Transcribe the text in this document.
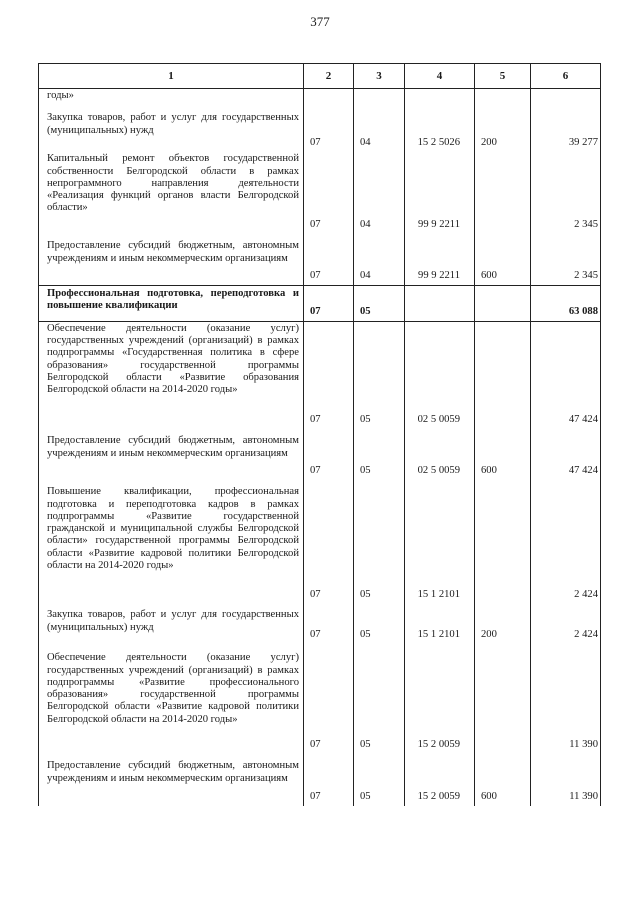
377
1	2	3	4	5	6
годы»					
Закупка товаров, работ и услуг для государственных (муниципальных) нужд	07	04	15 2 5026	200	39 277
Капитальный ремонт объектов государственной собственности Белгородской области в рамках непрограммного направления деятельности «Реализация функций органов власти Белгородской области»	07	04	99 9 2211		2 345
Предоставление субсидий бюджетным, автономным учреждениям и иным некоммерческим организациям	07	04	99 9 2211	600	2 345
Профессиональная подготовка, переподготовка и повышение квалификации	07	05			63 088
Обеспечение деятельности (оказание услуг) государственных учреждений (организаций) в рамках подпрограммы «Государственная политика в сфере образования» государственной программы Белгородской области «Развитие образования Белгородской области на 2014-2020 годы»	07	05	02 5 0059		47 424
Предоставление субсидий бюджетным, автономным учреждениям и иным некоммерческим организациям	07	05	02 5 0059	600	47 424
Повышение квалификации, профессиональная подготовка и переподготовка кадров в рамках подпрограммы «Развитие государственной гражданской и муниципальной службы Белгородской области» государственной программы Белгородской области «Развитие кадровой политики Белгородской области на 2014-2020 годы»	07	05	15 1 2101		2 424
Закупка товаров, работ и услуг для государственных (муниципальных) нужд	07	05	15 1 2101	200	2 424
Обеспечение деятельности (оказание услуг) государственных учреждений (организаций) в рамках подпрограммы «Развитие профессионального образования» государственной программы Белгородской области «Развитие кадровой политики Белгородской области на 2014-2020 годы»	07	05	15 2 0059		11 390
Предоставление субсидий бюджетным, автономным учреждениям и иным некоммерческим организациям	07	05	15 2 0059	600	11 390
